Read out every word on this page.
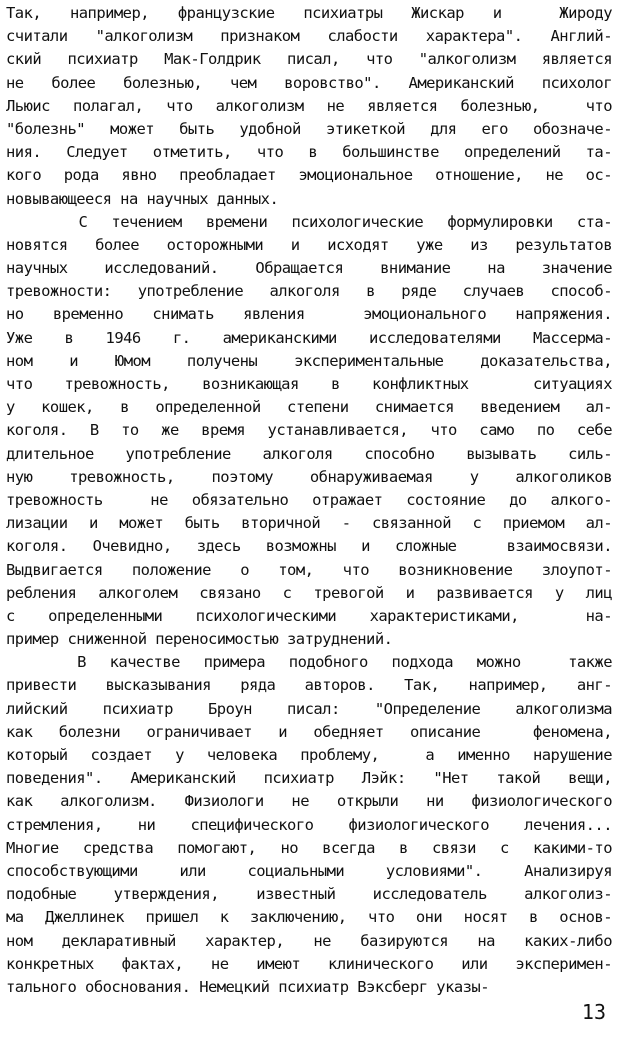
Так, например, французские психиатры Жискар и  Жироду
считали "алкоголизм признаком слабости характера". Англий-
ский психиатр Мак-Голдрик писал, что "алкоголизм является
не более болезнью, чем воровство". Американский психолог
Льюис полагал, что алкоголизм не является болезнью,  что
"болезнь" может быть удобной этикеткой для его обозначе-
ния. Следует отметить, что в большинстве определений та-
кого рода явно преобладает эмоциональное отношение, не ос-
новывающееся на научных данных.
С течением времени психологические формулировки ста-
новятся более осторожными и исходят уже из результатов
научных исследований. Обращается внимание на значение
тревожности: употребление алкоголя в ряде случаев способ-
но временно снимать явления  эмоционального напряжения.
Уже в 1946 г. американскими исследователями Массерма-
ном и Юмом получены экспериментальные доказательства,
что тревожность, возникающая в конфликтных  ситуациях
у кошек, в определенной степени снимается введением ал-
коголя. В то же время устанавливается, что само по себе
длительное употребление алкоголя способно вызывать силь-
ную тревожность, поэтому обнаруживаемая у алкоголиков
тревожность  не обязательно отражает состояние до алкого-
лизации и может быть вторичной - связанной с приемом ал-
коголя. Очевидно, здесь возможны и сложные  взаимосвязи.
Выдвигается положение о том, что возникновение злоупот-
ребления алкоголем связано с тревогой и развивается у лиц
с определенными психологическими характеристиками,  на-
пример сниженной переносимостью затруднений.
В качестве примера подобного подхода можно  также
привести высказывания ряда авторов. Так, например, анг-
лийский психиатр Броун писал: "Определение алкоголизма
как болезни ограничивает и обедняет описание  феномена,
который создает у человека проблему,  а именно нарушение
поведения". Американский психиатр Лэйк: "Нет такой вещи,
как алкоголизм. Физиологи не открыли ни физиологического
стремления, ни специфического физиологического лечения...
Многие средства помогают, но всегда в связи с какими-то
способствующими или социальными условиями". Анализируя
подобные утверждения, известный исследователь алкоголиз-
ма Джеллинек пришел к заключению, что они носят в основ-
ном декларативный характер, не базируются на каких-либо
конкретных фактах, не имеют клинического или эксперимен-
тального обоснования. Немецкий психиатр Вэксберг указы-
13
